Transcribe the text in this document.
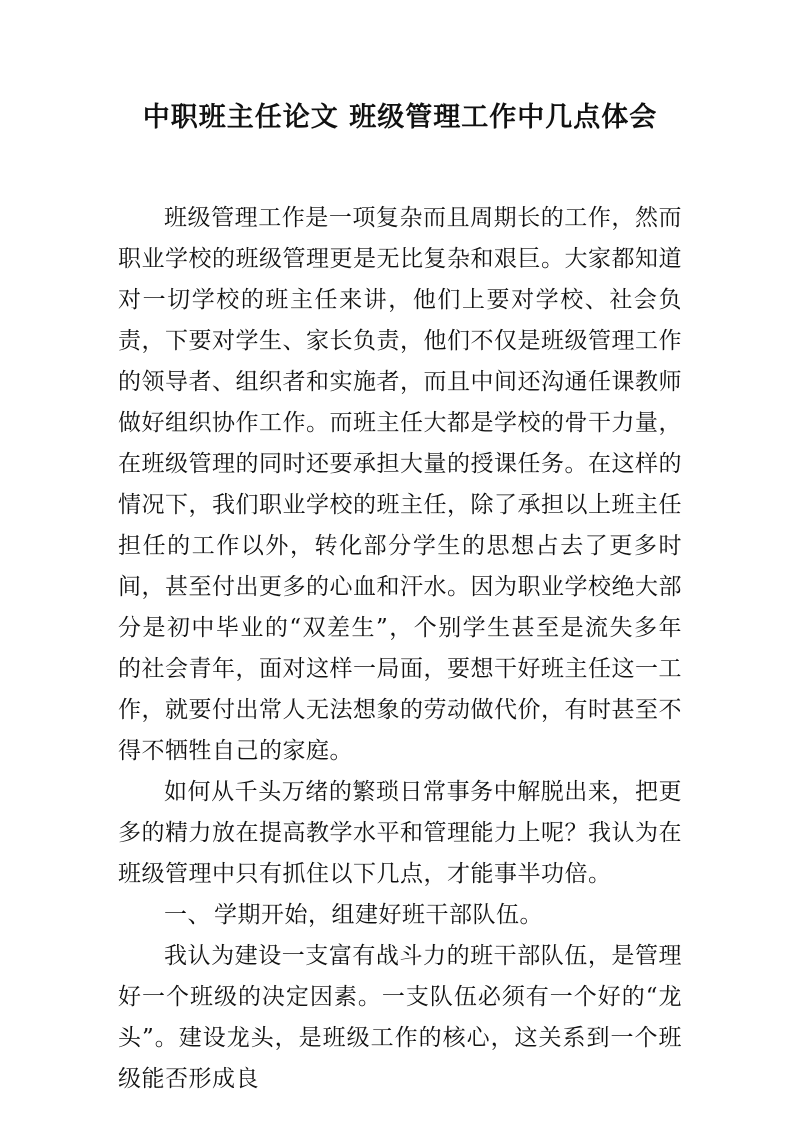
中职班主任论文 班级管理工作中几点体会

班级管理工作是一项复杂而且周期长的工作，然而职业学校的班级管理更是无比复杂和艰巨。大家都知道对一切学校的班主任来讲，他们上要对学校、社会负责，下要对学生、家长负责，他们不仅是班级管理工作的领导者、组织者和实施者，而且中间还沟通任课教师做好组织协作工作。而班主任大都是学校的骨干力量，在班级管理的同时还要承担大量的授课任务。在这样的情况下，我们职业学校的班主任，除了承担以上班主任担任的工作以外，转化部分学生的思想占去了更多时间，甚至付出更多的心血和汗水。因为职业学校绝大部分是初中毕业的“双差生”，个别学生甚至是流失多年的社会青年，面对这样一局面，要想干好班主任这一工作，就要付出常人无法想象的劳动做代价，有时甚至不得不牺牲自己的家庭。

如何从千头万绪的繁琐日常事务中解脱出来，把更多的精力放在提高教学水平和管理能力上呢？我认为在班级管理中只有抓住以下几点，才能事半功倍。

一、 学期开始，组建好班干部队伍。

我认为建设一支富有战斗力的班干部队伍，是管理好一个班级的决定因素。一支队伍必须有一个好的“龙头”。建设龙头，是班级工作的核心，这关系到一个班级能否形成良
